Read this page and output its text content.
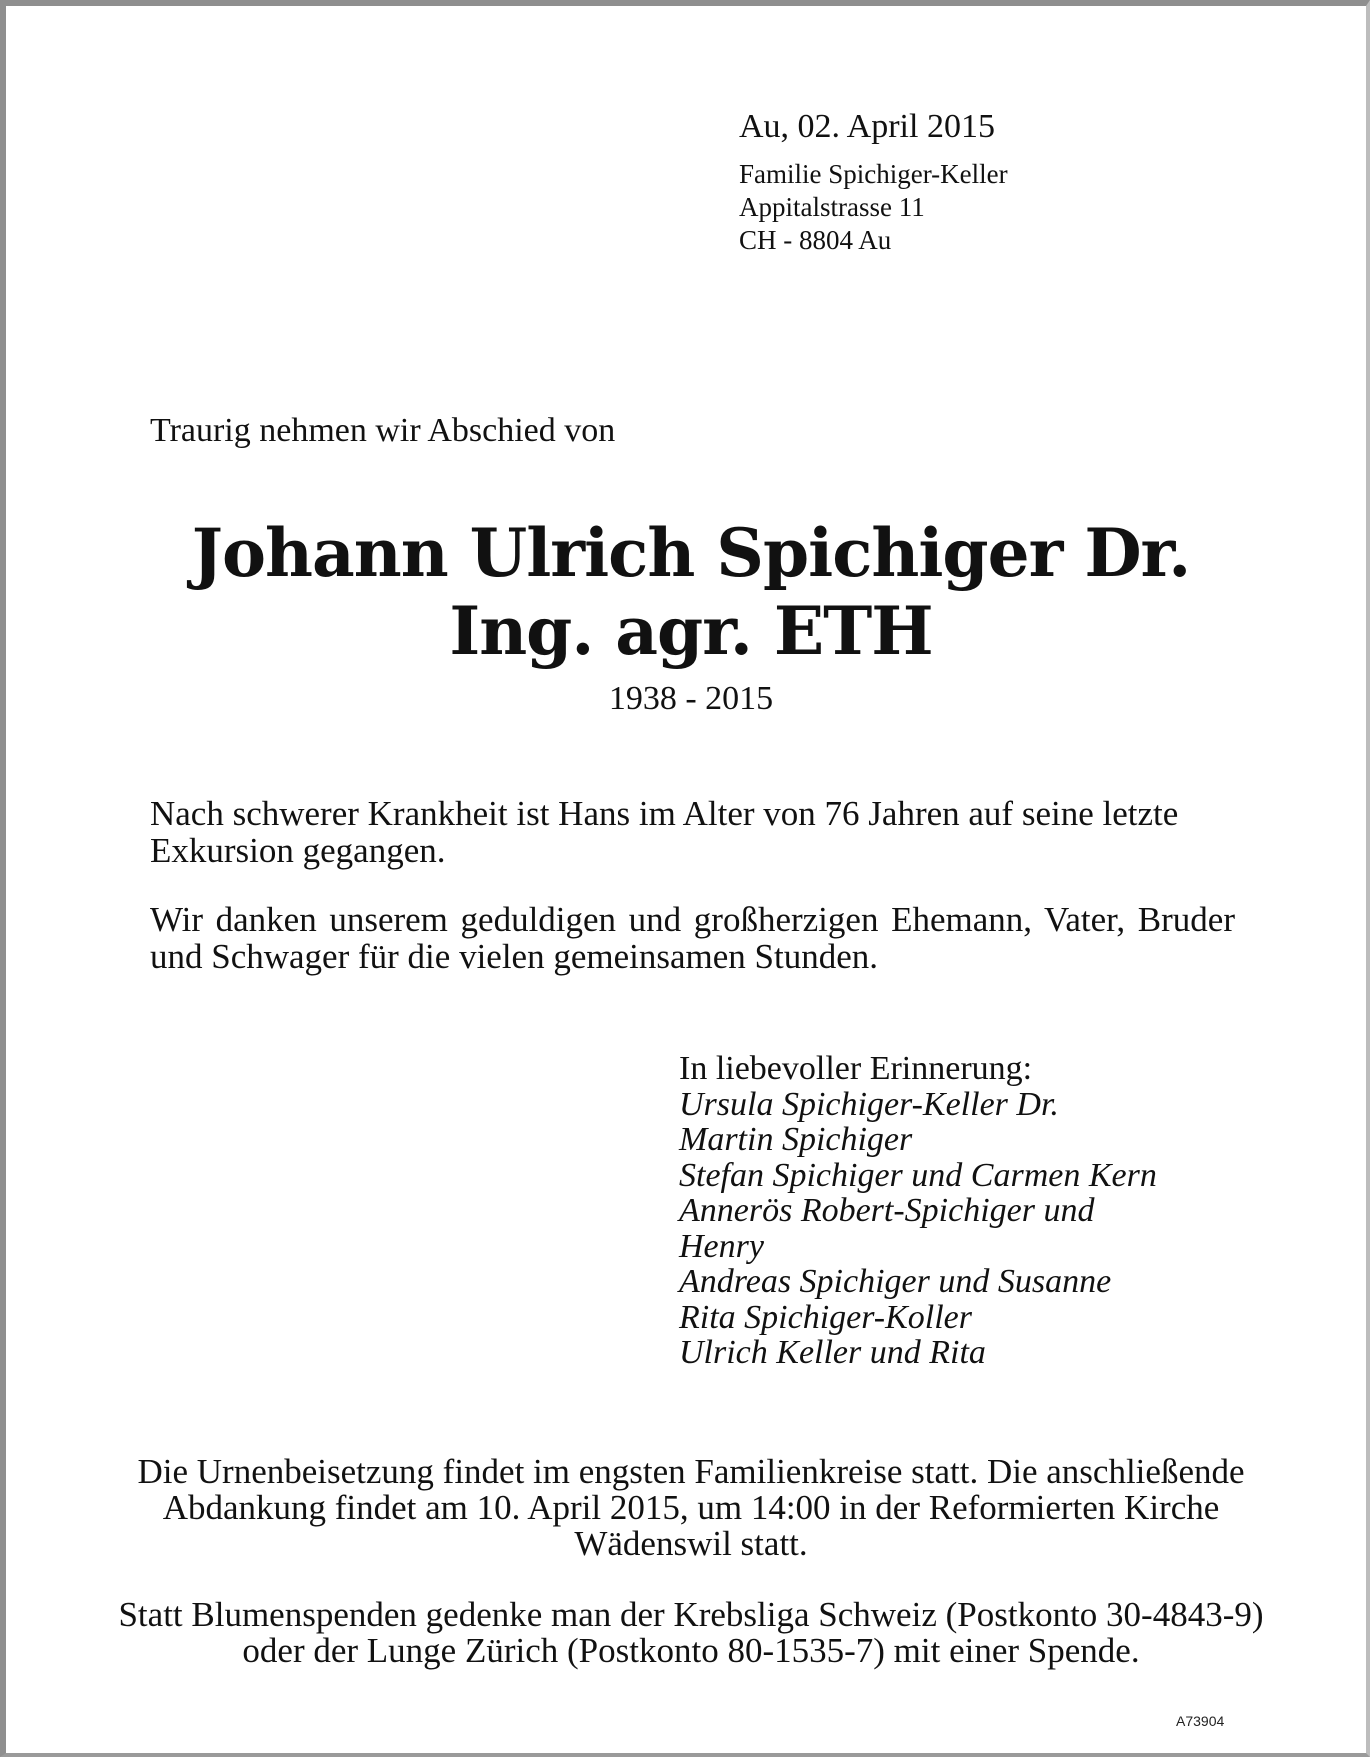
Au, 02. April 2015
Familie Spichiger-Keller
Appitalstrasse 11
CH - 8804 Au
Traurig nehmen wir Abschied von
Johann Ulrich Spichiger Dr.
Ing. agr. ETH
1938 - 2015
Nach schwerer Krankheit ist Hans im Alter von 76 Jahren auf seine letzte Exkursion gegangen.
Wir danken unserem geduldigen und großherzigen Ehemann, Vater, Bruder und Schwager für die vielen gemeinsamen Stunden.
In liebevoller Erinnerung:
Ursula Spichiger-Keller Dr.
Martin Spichiger
Stefan Spichiger und Carmen Kern
Annerös Robert-Spichiger und
Henry
Andreas Spichiger und Susanne
Rita Spichiger-Koller
Ulrich Keller und Rita
Die Urnenbeisetzung findet im engsten Familienkreise statt. Die anschließende Abdankung findet am 10. April 2015, um 14:00 in der Reformierten Kirche Wädenswil statt.
Statt Blumenspenden gedenke man der Krebsliga Schweiz (Postkonto 30-4843-9) oder der Lunge Zürich (Postkonto 80-1535-7) mit einer Spende.
A73904
